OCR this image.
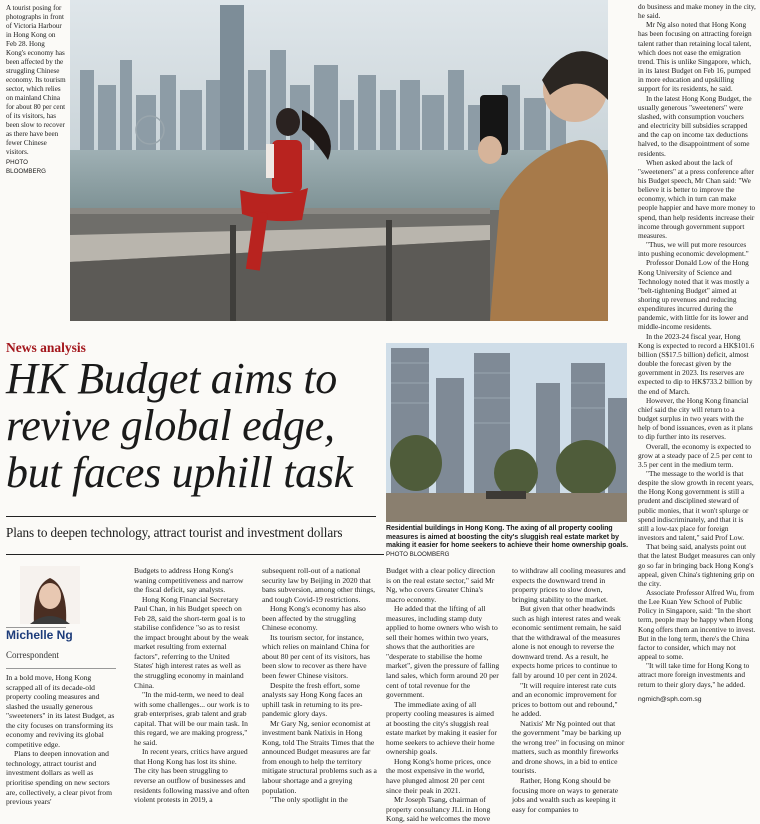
A tourist posing for photographs in front of Victoria Harbour in Hong Kong on Feb 28. Hong Kong's economy has been affected by the struggling Chinese economy. Its tourism sector, which relies on mainland China for about 80 per cent of its visitors, has been slow to recover as there have been fewer Chinese visitors.
PHOTO BLOOMBERG
News analysis
HK Budget aims to
revive global edge,
but faces uphill task
Plans to deepen technology, attract tourist and investment dollars	Residential buildings in Hong Kong. The axing of all property cooling measures is aimed at boosting the city's sluggish real estate market by making it easier for home seekers to achieve their home ownership goals. PHOTO BLOOMBERG
Michelle Ng
Correspondent

In a bold move, Hong Kong scrapped all of its decade-old property cooling measures and slashed the usually generous "sweeteners" in its latest Budget, as the city focuses on transforming its economy and reviving its global competitive edge.

Plans to deepen innovation and technology, attract tourist and investment dollars as well as prioritise spending on new sectors are, collectively, a clear pivot from previous years'

Budgets to address Hong Kong's waning competitiveness and narrow the fiscal deficit, say analysts.

Hong Kong Financial Secretary Paul Chan, in his Budget speech on Feb 28, said the short-term goal is to stabilise confidence "so as to resist the impact brought about by the weak market resulting from external factors", referring to the United States' high interest rates as well as the struggling economy in mainland China.

"In the mid-term, we need to deal with some challenges... our work is to grab enterprises, grab talent and grab capital. That will be our main task. In this regard, we are making progress," he said.

In recent years, critics have argued that Hong Kong has lost its shine. The city has been struggling to reverse an outflow of businesses and residents following massive and often violent protests in 2019, a

subsequent roll-out of a national security law by Beijing in 2020 that bans subversion, among other things, and tough Covid-19 restrictions.

Hong Kong's economy has also been affected by the struggling Chinese economy.

Its tourism sector, for instance, which relies on mainland China for about 80 per cent of its visitors, has been slow to recover as there have been fewer Chinese visitors.

Despite the fresh effort, some analysts say Hong Kong faces an uphill task in returning to its pre-pandemic glory days.

Mr Gary Ng, senior economist at investment bank Natixis in Hong Kong, told The Straits Times that the announced Budget measures are far from enough to help the territory mitigate structural problems such as a labour shortage and a greying population.

"The only spotlight in the

Budget with a clear policy direction is on the real estate sector," said Mr Ng, who covers Greater China's macro economy.

He added that the lifting of all measures, including stamp duty applied to home owners who wish to sell their homes within two years, shows that the authorities are "desperate to stabilise the home market", given the pressure of falling land sales, which form around 20 per cent of total revenue for the government.

The immediate axing of all property cooling measures is aimed at boosting the city's sluggish real estate market by making it easier for home seekers to achieve their home ownership goals.

Hong Kong's home prices, once the most expensive in the world, have plunged almost 20 per cent since their peak in 2021.

Mr Joseph Tsang, chairman of property consultancy JLL in Hong Kong, said he welcomes the move

to withdraw all cooling measures and expects the downward trend in property prices to slow down, bringing stability to the market.

But given that other headwinds such as high interest rates and weak economic sentiment remain, he said that the withdrawal of the measures alone is not enough to reverse the downward trend. As a result, he expects home prices to continue to fall by around 10 per cent in 2024.

"It will require interest rate cuts and an economic improvement for prices to bottom out and rebound," he added.

Natixis' Mr Ng pointed out that the government "may be barking up the wrong tree" in focusing on minor matters, such as monthly fireworks and drone shows, in a bid to entice tourists.

Rather, Hong Kong should be focusing more on ways to generate jobs and wealth such as keeping it easy for companies to

do business and make money in the city, he said.

Mr Ng also noted that Hong Kong has been focusing on attracting foreign talent rather than retaining local talent, which does not ease the emigration trend. This is unlike Singapore, which, in its latest Budget on Feb 16, pumped in more education and upskilling support for its residents, he said.

In the latest Hong Kong Budget, the usually generous "sweeteners" were slashed, with consumption vouchers and electricity bill subsidies scrapped and the cap on income tax deductions halved, to the disappointment of some residents.

When asked about the lack of "sweeteners" at a press conference after his Budget speech, Mr Chan said: "We believe it is better to improve the economy, which in turn can make people happier and have more money to spend, than help residents increase their income through government support measures.

"Thus, we will put more resources into pushing economic development."

Professor Donald Low of the Hong Kong University of Science and Technology noted that it was mostly a "belt-tightening Budget" aimed at shoring up revenues and reducing expenditures incurred during the pandemic, with little for its lower and middle-income residents.

In the 2023-24 fiscal year, Hong Kong is expected to record a HK$101.6 billion (S$17.5 billion) deficit, almost double the forecast given by the government in 2023. Its reserves are expected to dip to HK$733.2 billion by the end of March.

However, the Hong Kong financial chief said the city will return to a budget surplus in two years with the help of bond issuances, even as it plans to dip further into its reserves.

Overall, the economy is expected to grow at a steady pace of 2.5 per cent to 3.5 per cent in the medium term.

"The message to the world is that despite the slow growth in recent years, the Hong Kong government is still a prudent and disciplined steward of public monies, that it won't splurge or spend indiscriminately, and that it is still a low-tax place for foreign investors and talent," said Prof Low.

That being said, analysts point out that the latest Budget measures can only go so far in bringing back Hong Kong's appeal, given China's tightening grip on the city.

Associate Professor Alfred Wu, from the Lee Kuan Yew School of Public Policy in Singapore, said: "In the short term, people may be happy when Hong Kong offers them an incentive to invest. But in the long term, there's the China factor to consider, which may not appeal to some.

"It will take time for Hong Kong to attract more foreign investments and return to their glory days," he added.

ngmich@sph.com.sg
